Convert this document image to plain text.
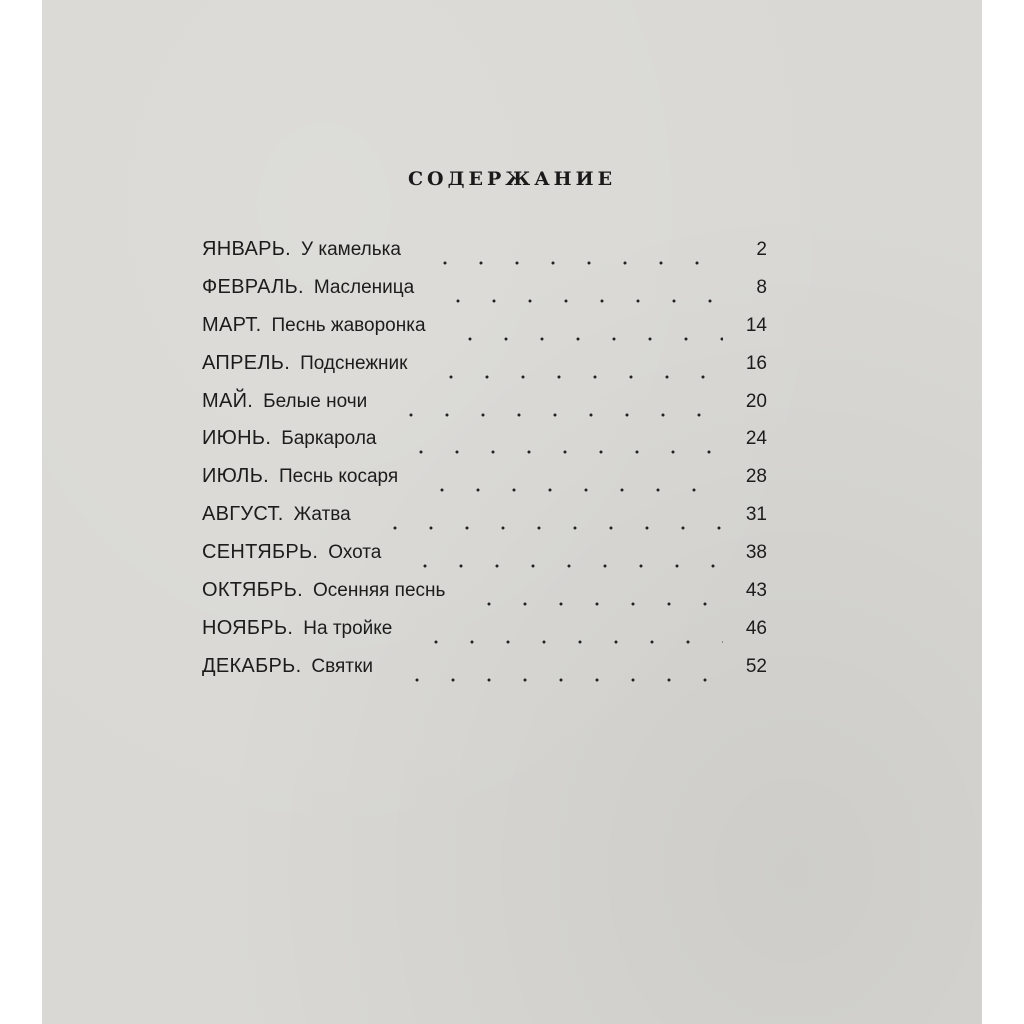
СОДЕРЖАНИЕ
ЯНВАРЬ. У камелька	2
ФЕВРАЛЬ. Масленица	8
МАРТ. Песнь жаворонка	14
АПРЕЛЬ. Подснежник	16
МАЙ. Белые ночи	20
ИЮНЬ. Баркарола	24
ИЮЛЬ. Песнь косаря	28
АВГУСТ. Жатва	31
СЕНТЯБРЬ. Охота	38
ОКТЯБРЬ. Осенняя песнь	43
НОЯБРЬ. На тройке	46
ДЕКАБРЬ. Святки	52
